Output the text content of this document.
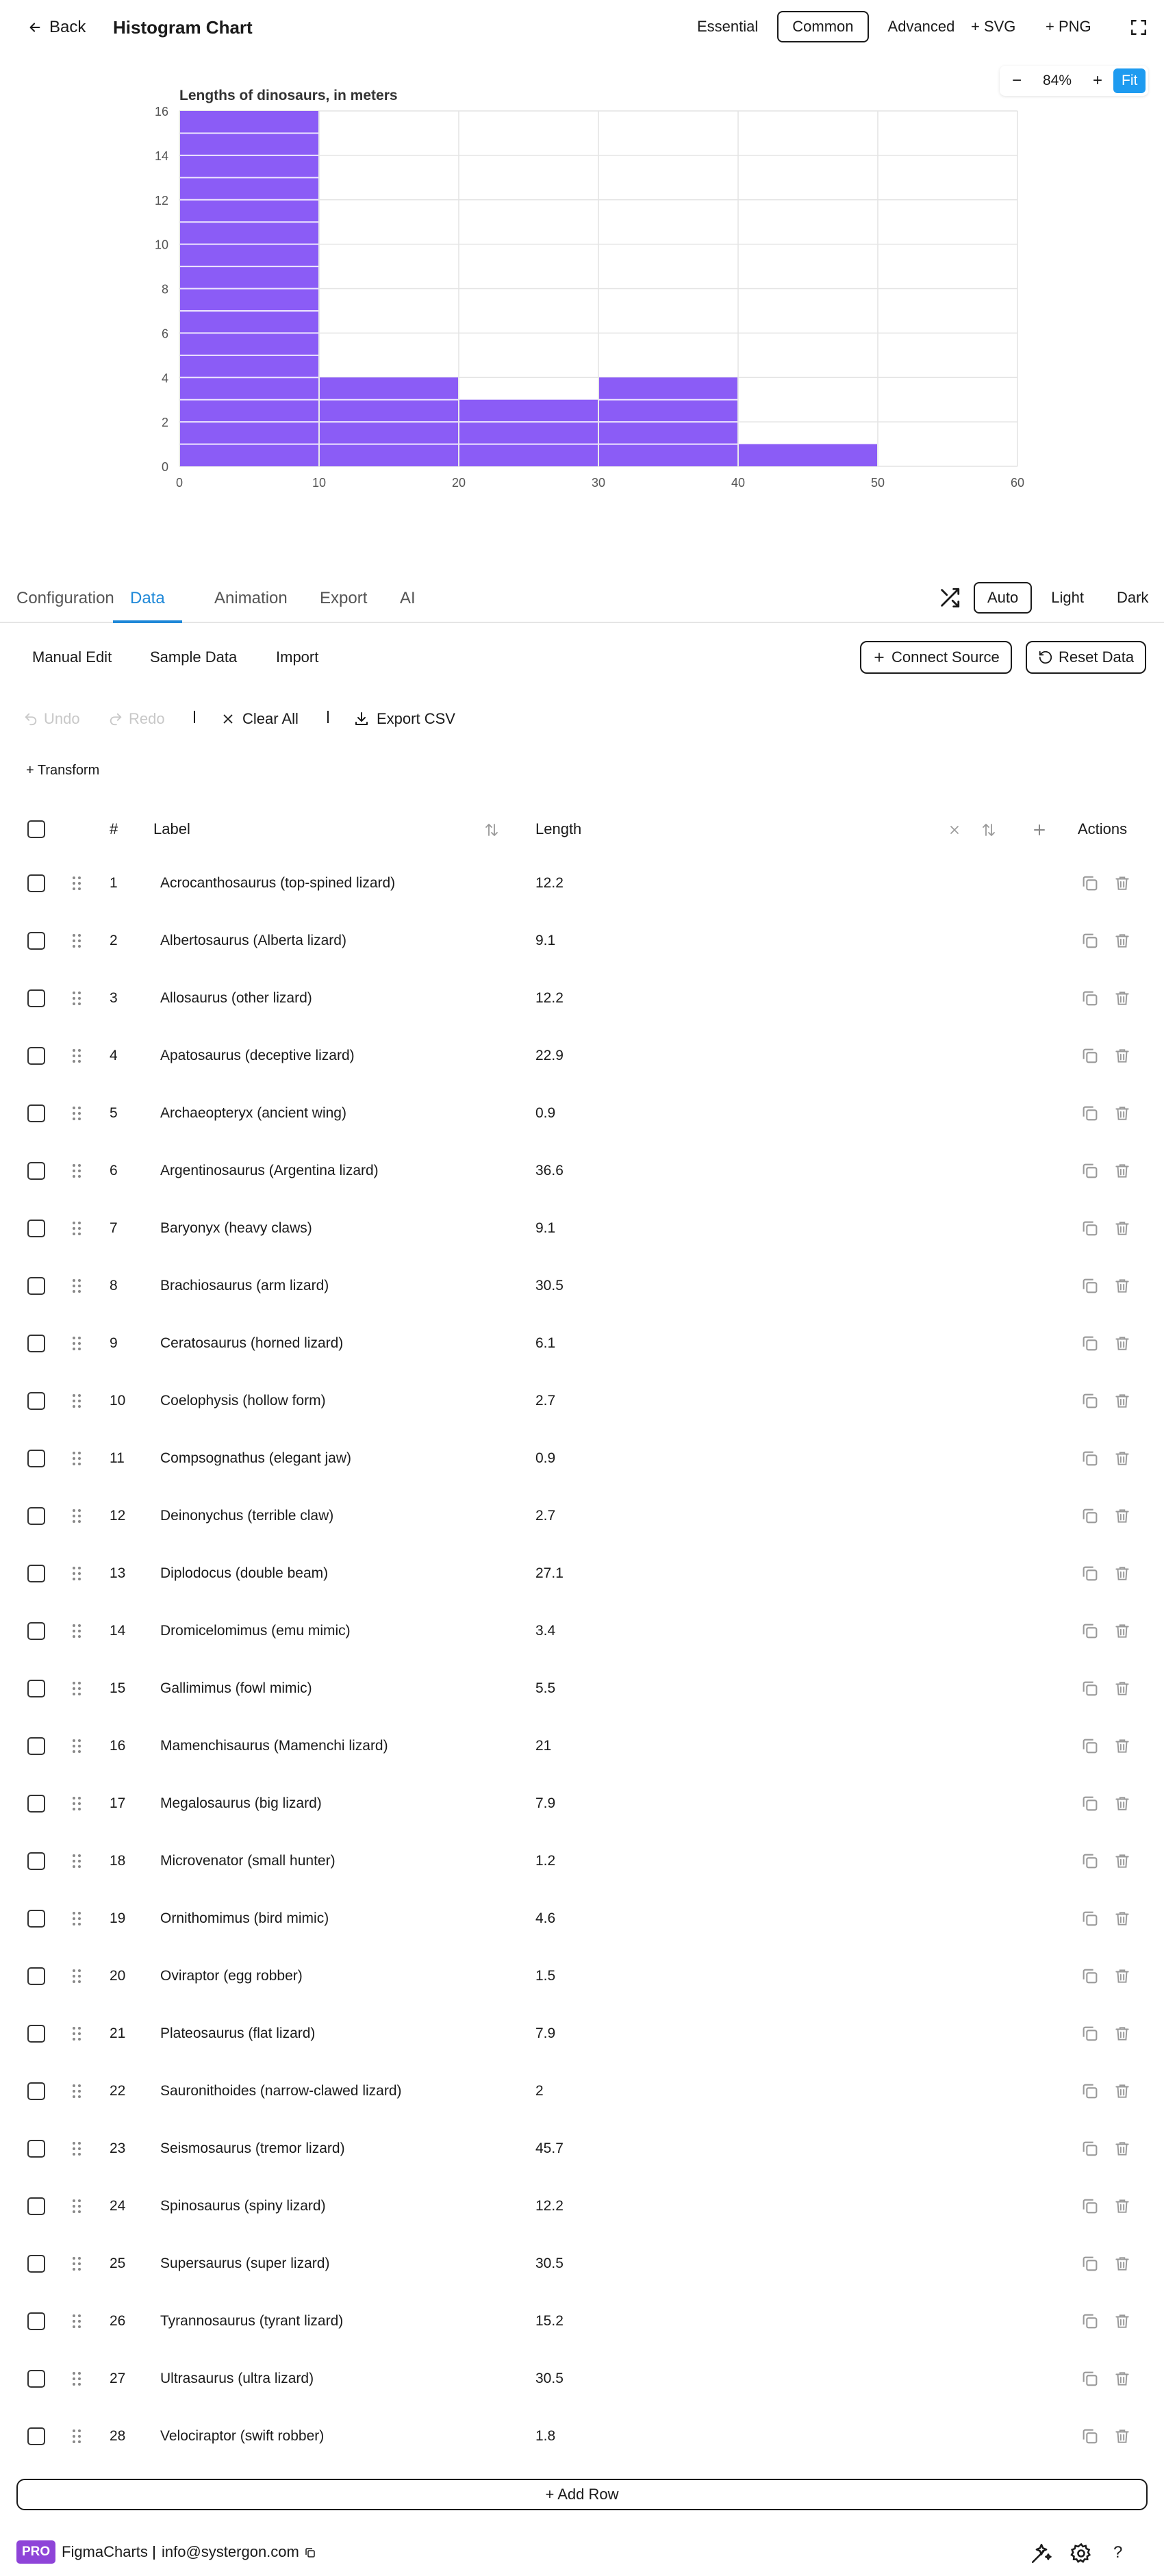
Back Histogram Chart	Essential	Common	Advanced	+ SVG + PNG
−	84%	+	Fit
Lengths of dinosaurs, in meters
0
2
4
6
8
10
12
14
16
0	10	20	30	40	50	60
Configuration Data	Animation Export AI	Auto	Light	Dark
Manual Edit	Sample Data	Import	Connect Source	Reset Data
Undo	Redo	Clear All	Export CSV
+ Transform
# Label	Length	Actions
1	Acrocanthosaurus (top-spined lizard)	12.2
2	Albertosaurus (Alberta lizard)	9.1
3	Allosaurus (other lizard)	12.2
4	Apatosaurus (deceptive lizard)	22.9
5	Archaeopteryx (ancient wing)	0.9
6	Argentinosaurus (Argentina lizard)	36.6
7	Baryonyx (heavy claws)	9.1
8	Brachiosaurus (arm lizard)	30.5
9	Ceratosaurus (horned lizard)	6.1
10 Coelophysis (hollow form)	2.7
11 Compsognathus (elegant jaw)	0.9
12 Deinonychus (terrible claw)	2.7
13 Diplodocus (double beam)	27.1
14 Dromicelomimus (emu mimic)	3.4
15 Gallimimus (fowl mimic)	5.5
16 Mamenchisaurus (Mamenchi lizard)	21
17 Megalosaurus (big lizard)	7.9
18 Microvenator (small hunter)	1.2
19 Ornithomimus (bird mimic)	4.6
20 Oviraptor (egg robber)	1.5
21 Plateosaurus (flat lizard)	7.9
22 Sauronithoides (narrow-clawed lizard)	2
23 Seismosaurus (tremor lizard)	45.7
24 Spinosaurus (spiny lizard)	12.2
25 Supersaurus (super lizard)	30.5
26 Tyrannosaurus (tyrant lizard)	15.2
27 Ultrasaurus (ultra lizard)	30.5
28 Velociraptor (swift robber)	1.8
+ Add Row
PRO FigmaCharts info@systergon.com	?
